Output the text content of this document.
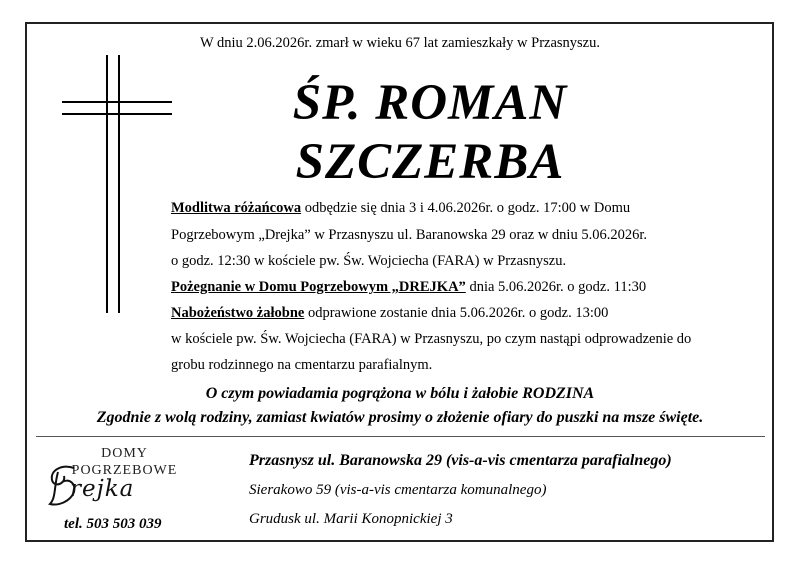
W dniu 2.06.2026r. zmarł w wieku 67 lat zamieszkały w Przasnyszu.
ŚP. ROMAN
SZCZERBA
Modlitwa różańcowa odbędzie się dnia 3 i 4.06.2026r. o godz. 17:00 w Domu
Pogrzebowym „Drejka” w Przasnyszu ul. Baranowska 29 oraz w dniu 5.06.2026r.
o godz. 12:30 w kościele pw. Św. Wojciecha (FARA) w Przasnyszu.
Pożegnanie w Domu Pogrzebowym „DREJKA” dnia 5.06.2026r. o godz. 11:30
Nabożeństwo żałobne odprawione zostanie dnia 5.06.2026r. o godz. 13:00
w kościele pw. Św. Wojciecha (FARA) w Przasnyszu, po czym nastąpi odprowadzenie do
grobu rodzinnego na cmentarzu parafialnym.
O czym powiadamia pogrążona w bólu i żałobie RODZINA
Zgodnie z wolą rodziny, zamiast kwiatów prosimy o złożenie ofiary do puszki na msze święte.
DOMY
POGRZEBOWE
rejka
tel. 503 503 039
Przasnysz ul. Baranowska 29 (vis-a-vis cmentarza parafialnego)
Sierakowo 59 (vis-a-vis cmentarza komunalnego)
Grudusk ul. Marii Konopnickiej 3
